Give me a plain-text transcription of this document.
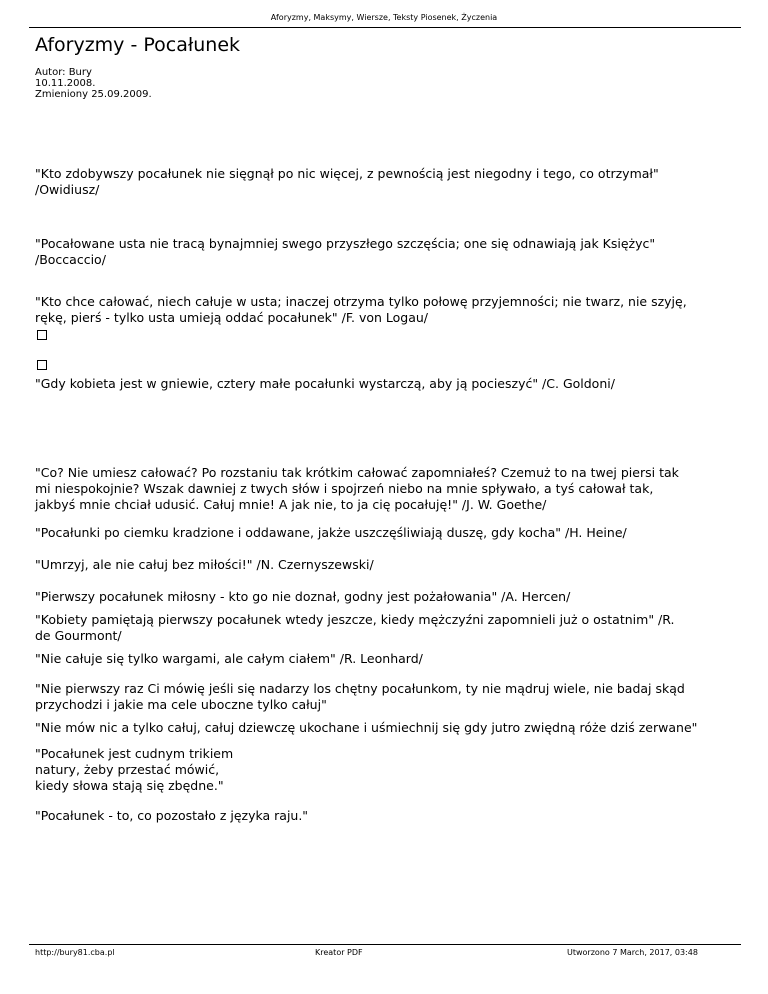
Aforyzmy, Maksymy, Wiersze, Teksty Piosenek, Życzenia
Aforyzmy - Pocałunek
Autor: Bury
10.11.2008.
Zmieniony 25.09.2009.
"Kto zdobywszy pocałunek nie sięgnął po nic więcej, z pewnością jest niegodny i tego, co otrzymał"
/Owidiusz/
"Pocałowane usta nie tracą bynajmniej swego przyszłego szczęścia; one się odnawiają jak Księżyc"
/Boccaccio/

"Kto chce całować, niech całuje w usta; inaczej otrzyma tylko połowę przyjemności; nie twarz, nie szyję,
rękę, pierś - tylko usta umieją oddać pocałunek" /F. von Logau/

"Gdy kobieta jest w gniewie, cztery małe pocałunki wystarczą, aby ją pocieszyć" /C. Goldoni/
"Co? Nie umiesz całować? Po rozstaniu tak krótkim całować zapomniałeś? Czemuż to na twej piersi tak
mi niespokojnie? Wszak dawniej z twych słów i spojrzeń niebo na mnie spływało, a tyś całował tak,
jakbyś mnie chciał udusić. Całuj mnie! A jak nie, to ja cię pocałuję!" /J. W. Goethe/
"Pocałunki po ciemku kradzione i oddawane, jakże uszczęśliwiają duszę, gdy kocha" /H. Heine/
"Umrzyj, ale nie całuj bez miłości!" /N. Czernyszewski/
"Pierwszy pocałunek miłosny - kto go nie doznał, godny jest pożałowania" /A. Hercen/
"Kobiety pamiętają pierwszy pocałunek wtedy jeszcze, kiedy mężczyźni zapomnieli już o ostatnim" /R.
de Gourmont/
"Nie całuje się tylko wargami, ale całym ciałem" /R. Leonhard/
"Nie pierwszy raz Ci mówię jeśli się nadarzy los chętny pocałunkom, ty nie mądruj wiele, nie badaj skąd
przychodzi i jakie ma cele uboczne tylko całuj"
"Nie mów nic a tylko całuj, całuj dziewczę ukochane i uśmiechnij się gdy jutro zwiędną róże dziś zerwane"
"Pocałunek jest cudnym trikiem
natury, żeby przestać mówić,
kiedy słowa stają się zbędne."
"Pocałunek - to, co pozostało z języka raju."
http://bury81.cba.pl	Kreator PDF	Utworzono 7 March, 2017, 03:48
